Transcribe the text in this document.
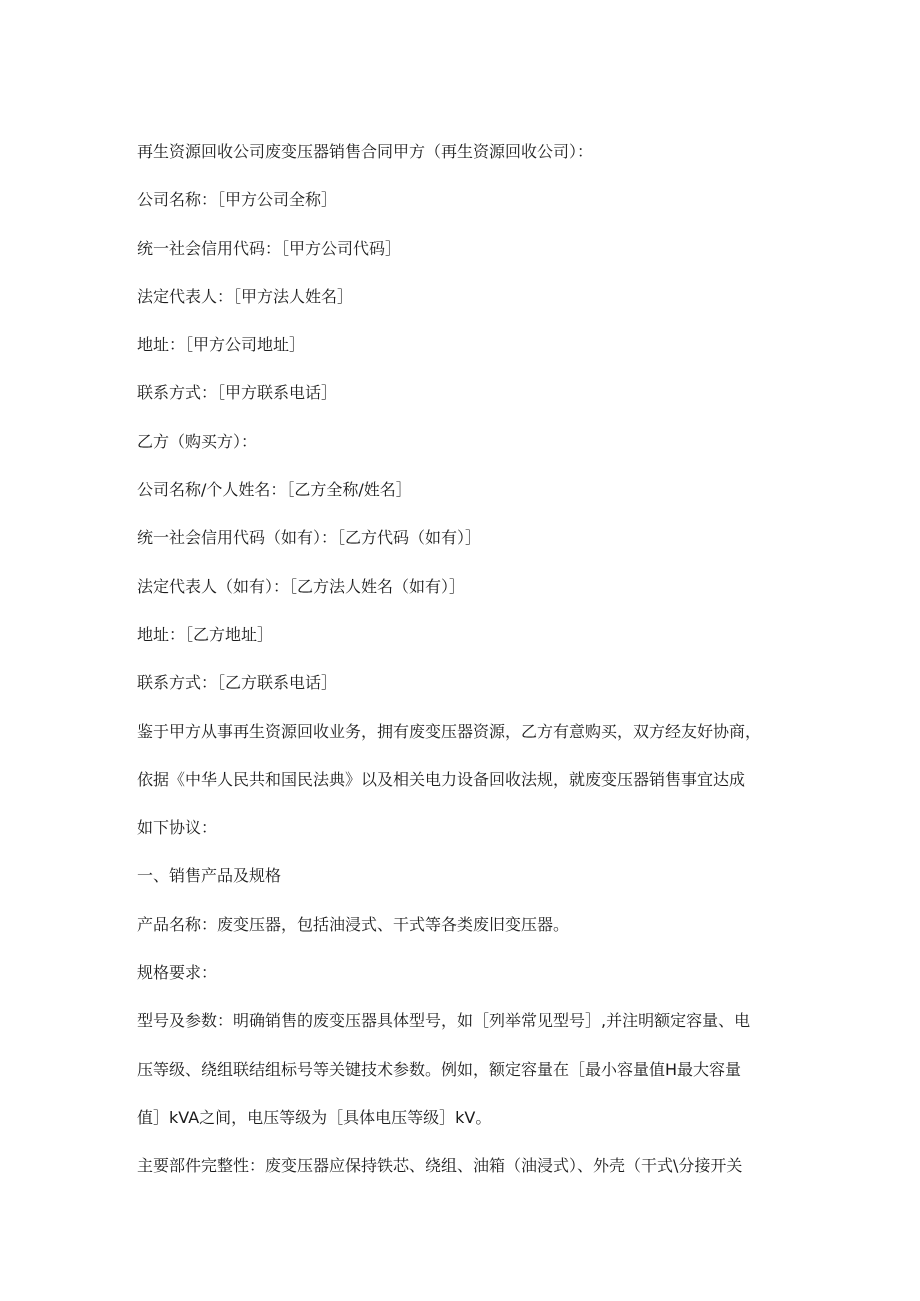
再生资源回收公司废变压器销售合同甲方（再生资源回收公司）：
公司名称：［甲方公司全称］
统一社会信用代码：［甲方公司代码］
法定代表人：［甲方法人姓名］
地址：［甲方公司地址］
联系方式：［甲方联系电话］
乙方（购买方）：
公司名称/个人姓名：［乙方全称/姓名］
统一社会信用代码（如有）：［乙方代码（如有）］
法定代表人（如有）：［乙方法人姓名（如有）］
地址：［乙方地址］
联系方式：［乙方联系电话］
鉴于甲方从事再生资源回收业务，拥有废变压器资源，乙方有意购买，双方经友好协商，
依据《中华人民共和国民法典》以及相关电力设备回收法规，就废变压器销售事宜达成
如下协议：
一、销售产品及规格
产品名称：废变压器，包括油浸式、干式等各类废旧变压器。
规格要求：
型号及参数：明确销售的废变压器具体型号，如［列举常见型号］,并注明额定容量、电
压等级、绕组联结组标号等关键技术参数。例如，额定容量在［最小容量值H最大容量
值］kVA之间，电压等级为［具体电压等级］kV。
主要部件完整性：废变压器应保持铁芯、绕组、油箱（油浸式）、外壳（干式\分接开关
